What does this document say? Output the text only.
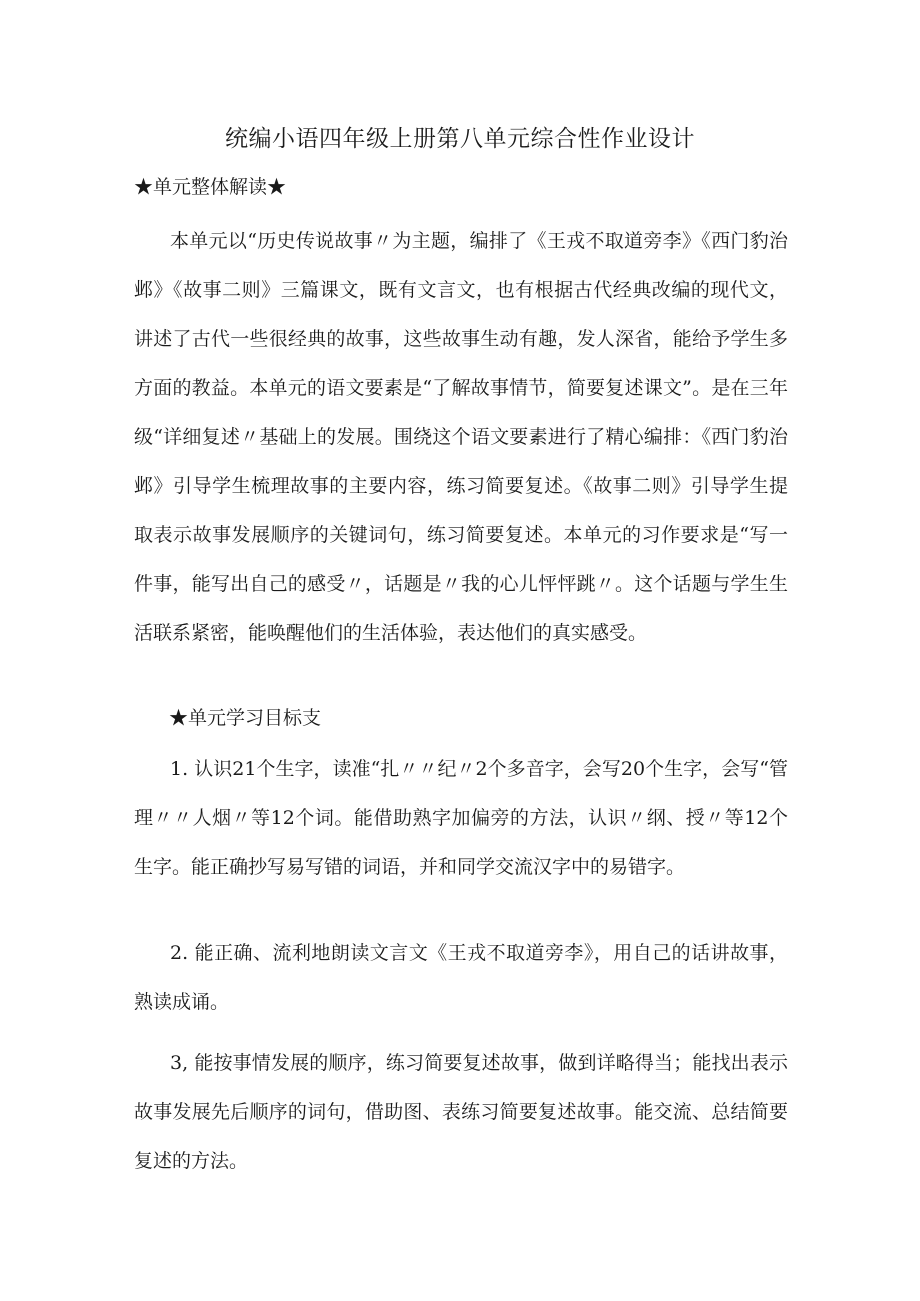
统编小语四年级上册第八单元综合性作业设计
★单元整体解读★

本单元以“历史传说故事〃为主题，编排了《王戎不取道旁李》《西门豹治邺》《故事二则》三篇课文，既有文言文，也有根据古代经典改编的现代文，讲述了古代一些很经典的故事，这些故事生动有趣，发人深省，能给予学生多方面的教益。本单元的语文要素是“了解故事情节，简要复述课文”。是在三年级“详细复述〃基础上的发展。围绕这个语文要素进行了精心编排：《西门豹治邺》引导学生梳理故事的主要内容，练习简要复述。《故事二则》引导学生提取表示故事发展顺序的关键词句，练习简要复述。本单元的习作要求是“写一件事，能写出自己的感受〃，话题是〃我的心儿怦怦跳〃。这个话题与学生生活联系紧密，能唤醒他们的生活体验，表达他们的真实感受。

★单元学习目标支

1. 认识21个生字，读准“扎〃〃纪〃2个多音字，会写20个生字，会写“管理〃〃人烟〃等12个词。能借助熟字加偏旁的方法，认识〃纲、授〃等12个生字。能正确抄写易写错的词语，并和同学交流汉字中的易错字。

2. 能正确、流利地朗读文言文《王戎不取道旁李》，用自己的话讲故事，熟读成诵。

3, 能按事情发展的顺序，练习简要复述故事，做到详略得当；能找出表示故事发展先后顺序的词句，借助图、表练习简要复述故事。能交流、总结简要复述的方法。
